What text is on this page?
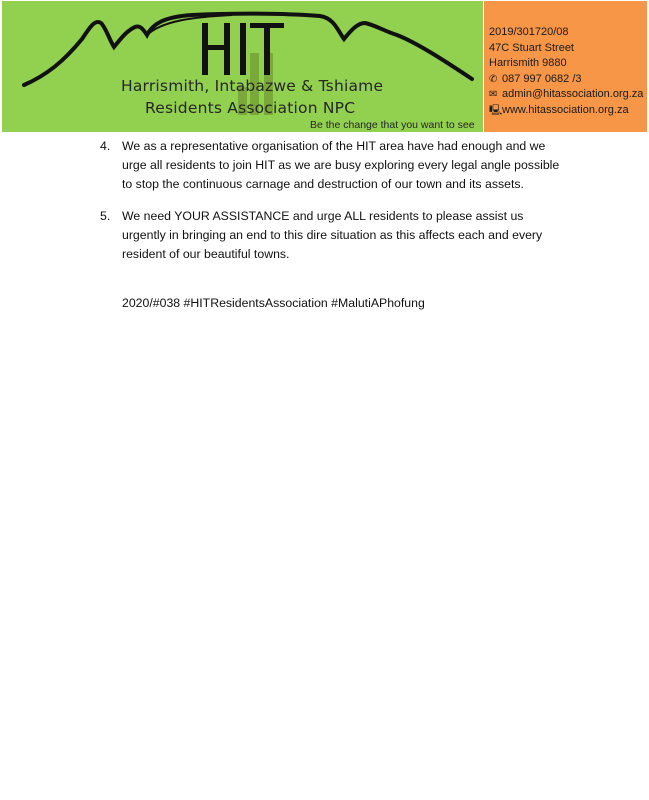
Harrismith, Intabazwe & Tshiame
Residents Association NPC
Be the change that you want to see
2019/301720/08
47C Stuart Street
Harrismith 9880
✆ 087 997 0682 /3
✉ admin@hitassociation.org.za
🖳 www.hitassociation.org.za
4. We as a representative organisation of the HIT area have had enough and we urge all residents to join HIT as we are busy exploring every legal angle possible to stop the continuous carnage and destruction of our town and its assets.
5. We need YOUR ASSISTANCE and urge ALL residents to please assist us urgently in bringing an end to this dire situation as this affects each and every resident of our beautiful towns.
2020/#038 #HITResidentsAssociation #MalutiAPhofung
